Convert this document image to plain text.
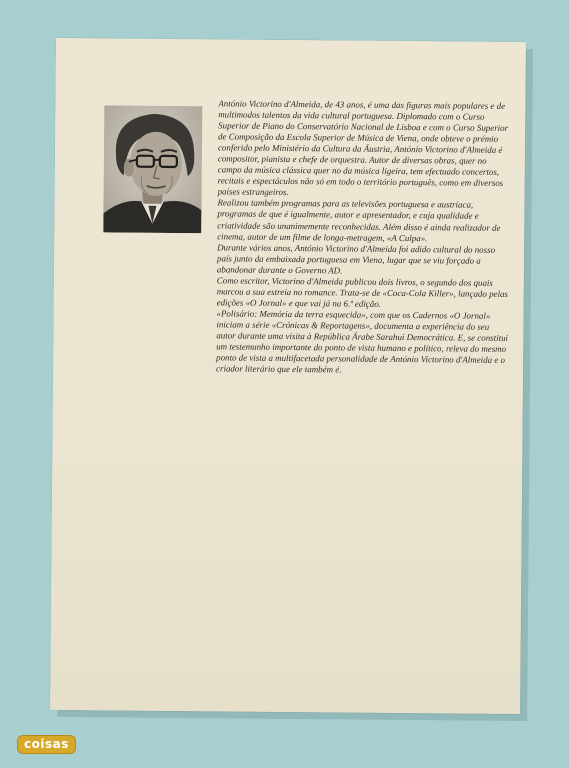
António Victorino d'Almeida, de 43 anos, é uma das figuras mais populares e de multimodos talentos da vida cultural portuguesa. Diplomado com o Curso Superior de Piano do Conservatório Nacional de Lisboa e com o Curso Superior de Composição da Escola Superior de Música de Viena, onde obteve o prémio conferido pelo Ministério da Cultura da Áustria, António Victorino d'Almeida é compositor, pianista e chefe de orquestra. Autor de diversas obras, quer no campo da música clássica quer no da música ligeira, tem efectuado concertos, recitais e espectáculos não só em todo o território português, como em diversos países estrangeiros.

Realizou também programas para as televisões portuguesa e austríaca, programas de que é igualmente, autor e apresentador, e cuja qualidade e criatividade são unanimemente reconhecidas. Além disso é ainda realizador de cinema, autor de um filme de longa-metragem, «A Culpa».

Durante vários anos, António Victorino d'Almeida foi adido cultural do nosso país junto da embaixada portuguesa em Viena, lugar que se viu forçado a abandonar durante o Governo AD.

Como escritor, Victorino d'Almeida publicou dois livros, o segundo dos quais marcou a sua estreia no romance. Trata-se de «Coca-Cola Killer», lançado pelas edições «O Jornal» e que vai já na 6.ª edição.

«Polisário: Memória da terra esquecida», com que os Cadernos «O Jornal» iniciam a série «Crónicas & Reportagens», documenta a experiência do seu autor durante uma visita à República Árabe Sarahui Democrática. E, se constitui um testemunho importante do ponto de vista humano e político, releva do mesmo ponto de vista a multifacetada personalidade de António Victorino d'Almeida e o criador literário que ele também é.

coisas
